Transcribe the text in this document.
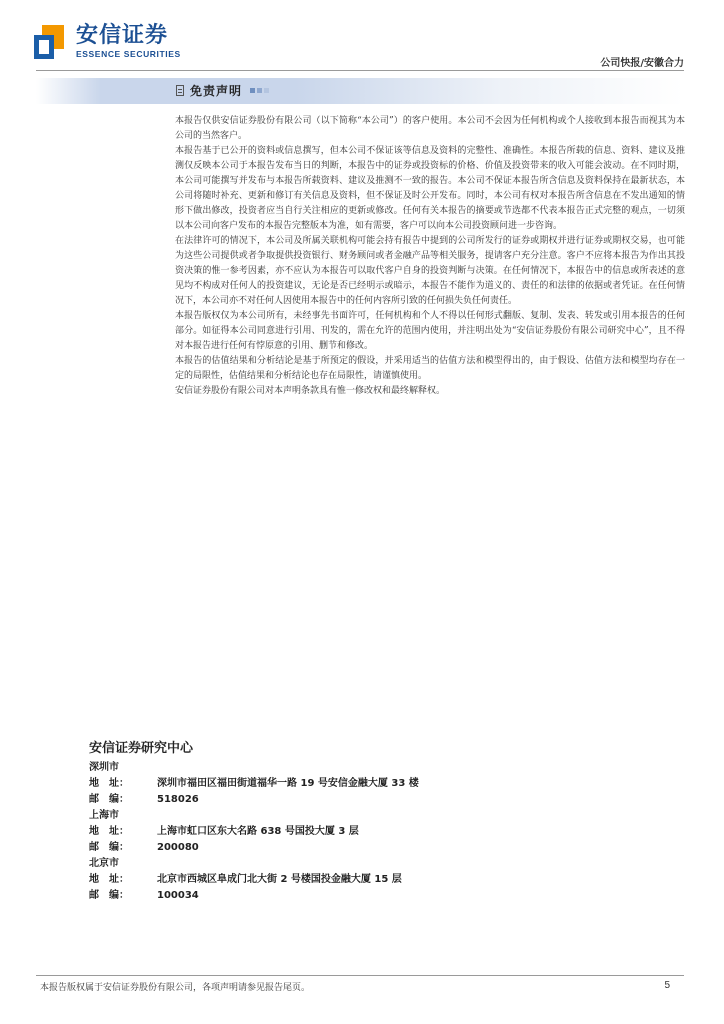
安信证券
ESSENCE SECURITIES
公司快报/安徽合力
免责声明

本报告仅供安信证券股份有限公司（以下简称“本公司”）的客户使用。本公司不会因为任何机构或个人接收到本报告而视其为本公司的当然客户。

本报告基于已公开的资料或信息撰写，但本公司不保证该等信息及资料的完整性、准确性。本报告所载的信息、资料、建议及推测仅反映本公司于本报告发布当日的判断，本报告中的证券或投资标的价格、价值及投资带来的收入可能会波动。在不同时期，本公司可能撰写并发布与本报告所载资料、建议及推测不一致的报告。本公司不保证本报告所含信息及资料保持在最新状态，本公司将随时补充、更新和修订有关信息及资料，但不保证及时公开发布。同时，本公司有权对本报告所含信息在不发出通知的情形下做出修改，投资者应当自行关注相应的更新或修改。任何有关本报告的摘要或节选都不代表本报告正式完整的观点，一切须以本公司向客户发布的本报告完整版本为准，如有需要，客户可以向本公司投资顾问进一步咨询。

在法律许可的情况下，本公司及所属关联机构可能会持有报告中提到的公司所发行的证券或期权并进行证券或期权交易，也可能为这些公司提供或者争取提供投资银行、财务顾问或者金融产品等相关服务，提请客户充分注意。客户不应将本报告为作出其投资决策的惟一参考因素，亦不应认为本报告可以取代客户自身的投资判断与决策。在任何情况下，本报告中的信息或所表述的意见均不构成对任何人的投资建议，无论是否已经明示或暗示，本报告不能作为道义的、责任的和法律的依据或者凭证。在任何情况下，本公司亦不对任何人因使用本报告中的任何内容所引致的任何损失负任何责任。

本报告版权仅为本公司所有，未经事先书面许可，任何机构和个人不得以任何形式翻版、复制、发表、转发或引用本报告的任何部分。如征得本公司同意进行引用、刊发的，需在允许的范围内使用，并注明出处为“安信证券股份有限公司研究中心”，且不得对本报告进行任何有悖原意的引用、删节和修改。

本报告的估值结果和分析结论是基于所预定的假设，并采用适当的估值方法和模型得出的，由于假设、估值方法和模型均存在一定的局限性，估值结果和分析结论也存在局限性，请谨慎使用。

安信证券股份有限公司对本声明条款具有惟一修改权和最终解释权。

安信证券研究中心
深圳市
地　址：	深圳市福田区福田街道福华一路 19 号安信金融大厦 33 楼
邮　编：	518026
上海市
地　址：	上海市虹口区东大名路 638 号国投大厦 3 层
邮　编：	200080
北京市
地　址：	北京市西城区阜成门北大街 2 号楼国投金融大厦 15 层
邮　编：	100034
本报告版权属于安信证券股份有限公司，各项声明请参见报告尾页。	5
